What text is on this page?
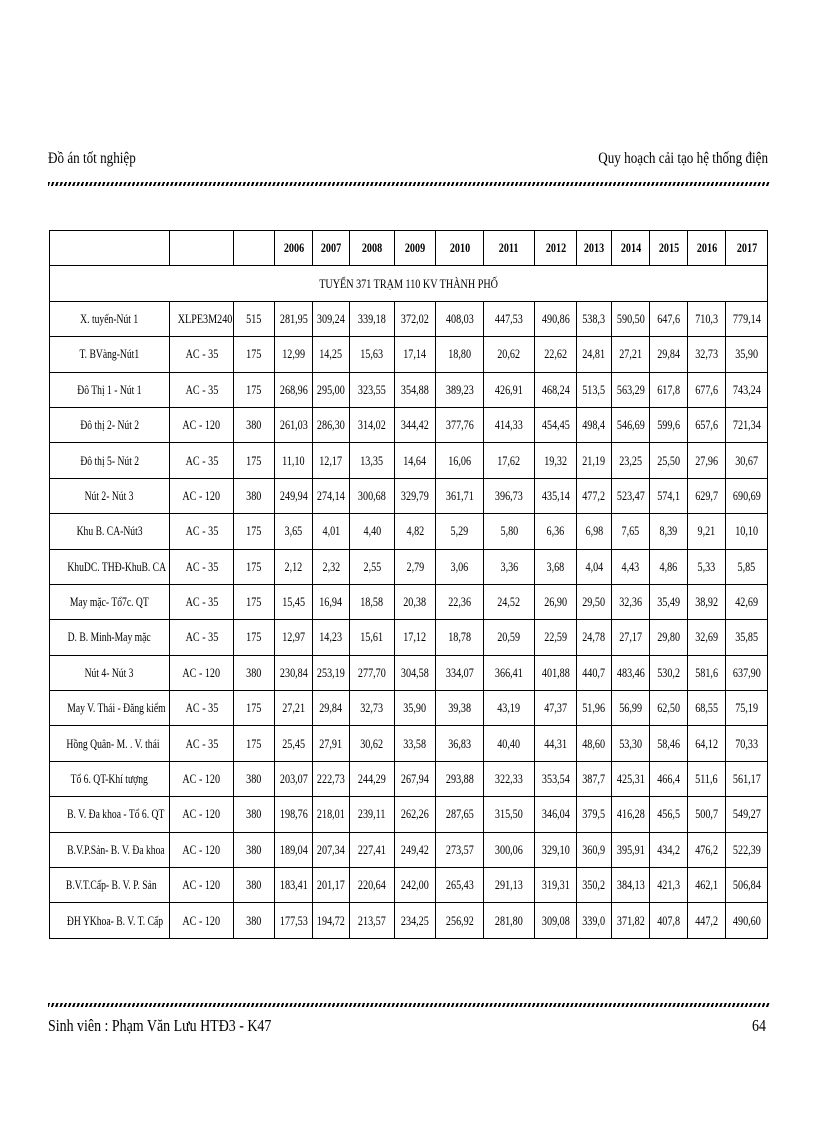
Đồ án tốt nghiệp	Quy hoạch cải tạo hệ thống điện
			2006	2007	2008	2009	2010	2011	2012	2013	2014	2015	2016	2017
TUYẾN 371 TRẠM 110 KV THÀNH PHỐ														
X. tuyến-Nút 1	XLPE3M240	515	281,95	309,24	339,18	372,02	408,03	447,53	490,86	538,3	590,50	647,6	710,3	779,14
T. BVàng-Nút1	AC - 35	175	12,99	14,25	15,63	17,14	18,80	20,62	22,62	24,81	27,21	29,84	32,73	35,90
Đô Thị 1 - Nút 1	AC - 35	175	268,96	295,00	323,55	354,88	389,23	426,91	468,24	513,5	563,29	617,8	677,6	743,24
Đô thị 2- Nút 2	AC - 120	380	261,03	286,30	314,02	344,42	377,76	414,33	454,45	498,4	546,69	599,6	657,6	721,34
Đô thị 5- Nút 2	AC - 35	175	11,10	12,17	13,35	14,64	16,06	17,62	19,32	21,19	23,25	25,50	27,96	30,67
Nút 2- Nút 3	AC - 120	380	249,94	274,14	300,68	329,79	361,71	396,73	435,14	477,2	523,47	574,1	629,7	690,69
Khu B. CA-Nút3	AC - 35	175	3,65	4,01	4,40	4,82	5,29	5,80	6,36	6,98	7,65	8,39	9,21	10,10
KhuDC. THĐ-KhuB. CA	AC - 35	175	2,12	2,32	2,55	2,79	3,06	3,36	3,68	4,04	4,43	4,86	5,33	5,85
May mặc- Tổ7c. QT	AC - 35	175	15,45	16,94	18,58	20,38	22,36	24,52	26,90	29,50	32,36	35,49	38,92	42,69
D. B. Minh-May mặc	AC - 35	175	12,97	14,23	15,61	17,12	18,78	20,59	22,59	24,78	27,17	29,80	32,69	35,85
Nút 4- Nút 3	AC - 120	380	230,84	253,19	277,70	304,58	334,07	366,41	401,88	440,7	483,46	530,2	581,6	637,90
May V. Thái - Đăng kiểm	AC - 35	175	27,21	29,84	32,73	35,90	39,38	43,19	47,37	51,96	56,99	62,50	68,55	75,19
Hồng Quân- M. . V. thái	AC - 35	175	25,45	27,91	30,62	33,58	36,83	40,40	44,31	48,60	53,30	58,46	64,12	70,33
Tổ 6. QT-Khí tượng	AC - 120	380	203,07	222,73	244,29	267,94	293,88	322,33	353,54	387,7	425,31	466,4	511,6	561,17
B. V. Đa khoa - Tổ 6. QT	AC - 120	380	198,76	218,01	239,11	262,26	287,65	315,50	346,04	379,5	416,28	456,5	500,7	549,27
B.V.P.Sản- B. V. Đa khoa	AC - 120	380	189,04	207,34	227,41	249,42	273,57	300,06	329,10	360,9	395,91	434,2	476,2	522,39
B.V.T.Cấp- B. V. P. Sản	AC - 120	380	183,41	201,17	220,64	242,00	265,43	291,13	319,31	350,2	384,13	421,3	462,1	506,84
ĐH YKhoa- B. V. T. Cấp	AC - 120	380	177,53	194,72	213,57	234,25	256,92	281,80	309,08	339,0	371,82	407,8	447,2	490,60
Sinh viên : Phạm Văn Lưu HTĐ3 - K47	64
